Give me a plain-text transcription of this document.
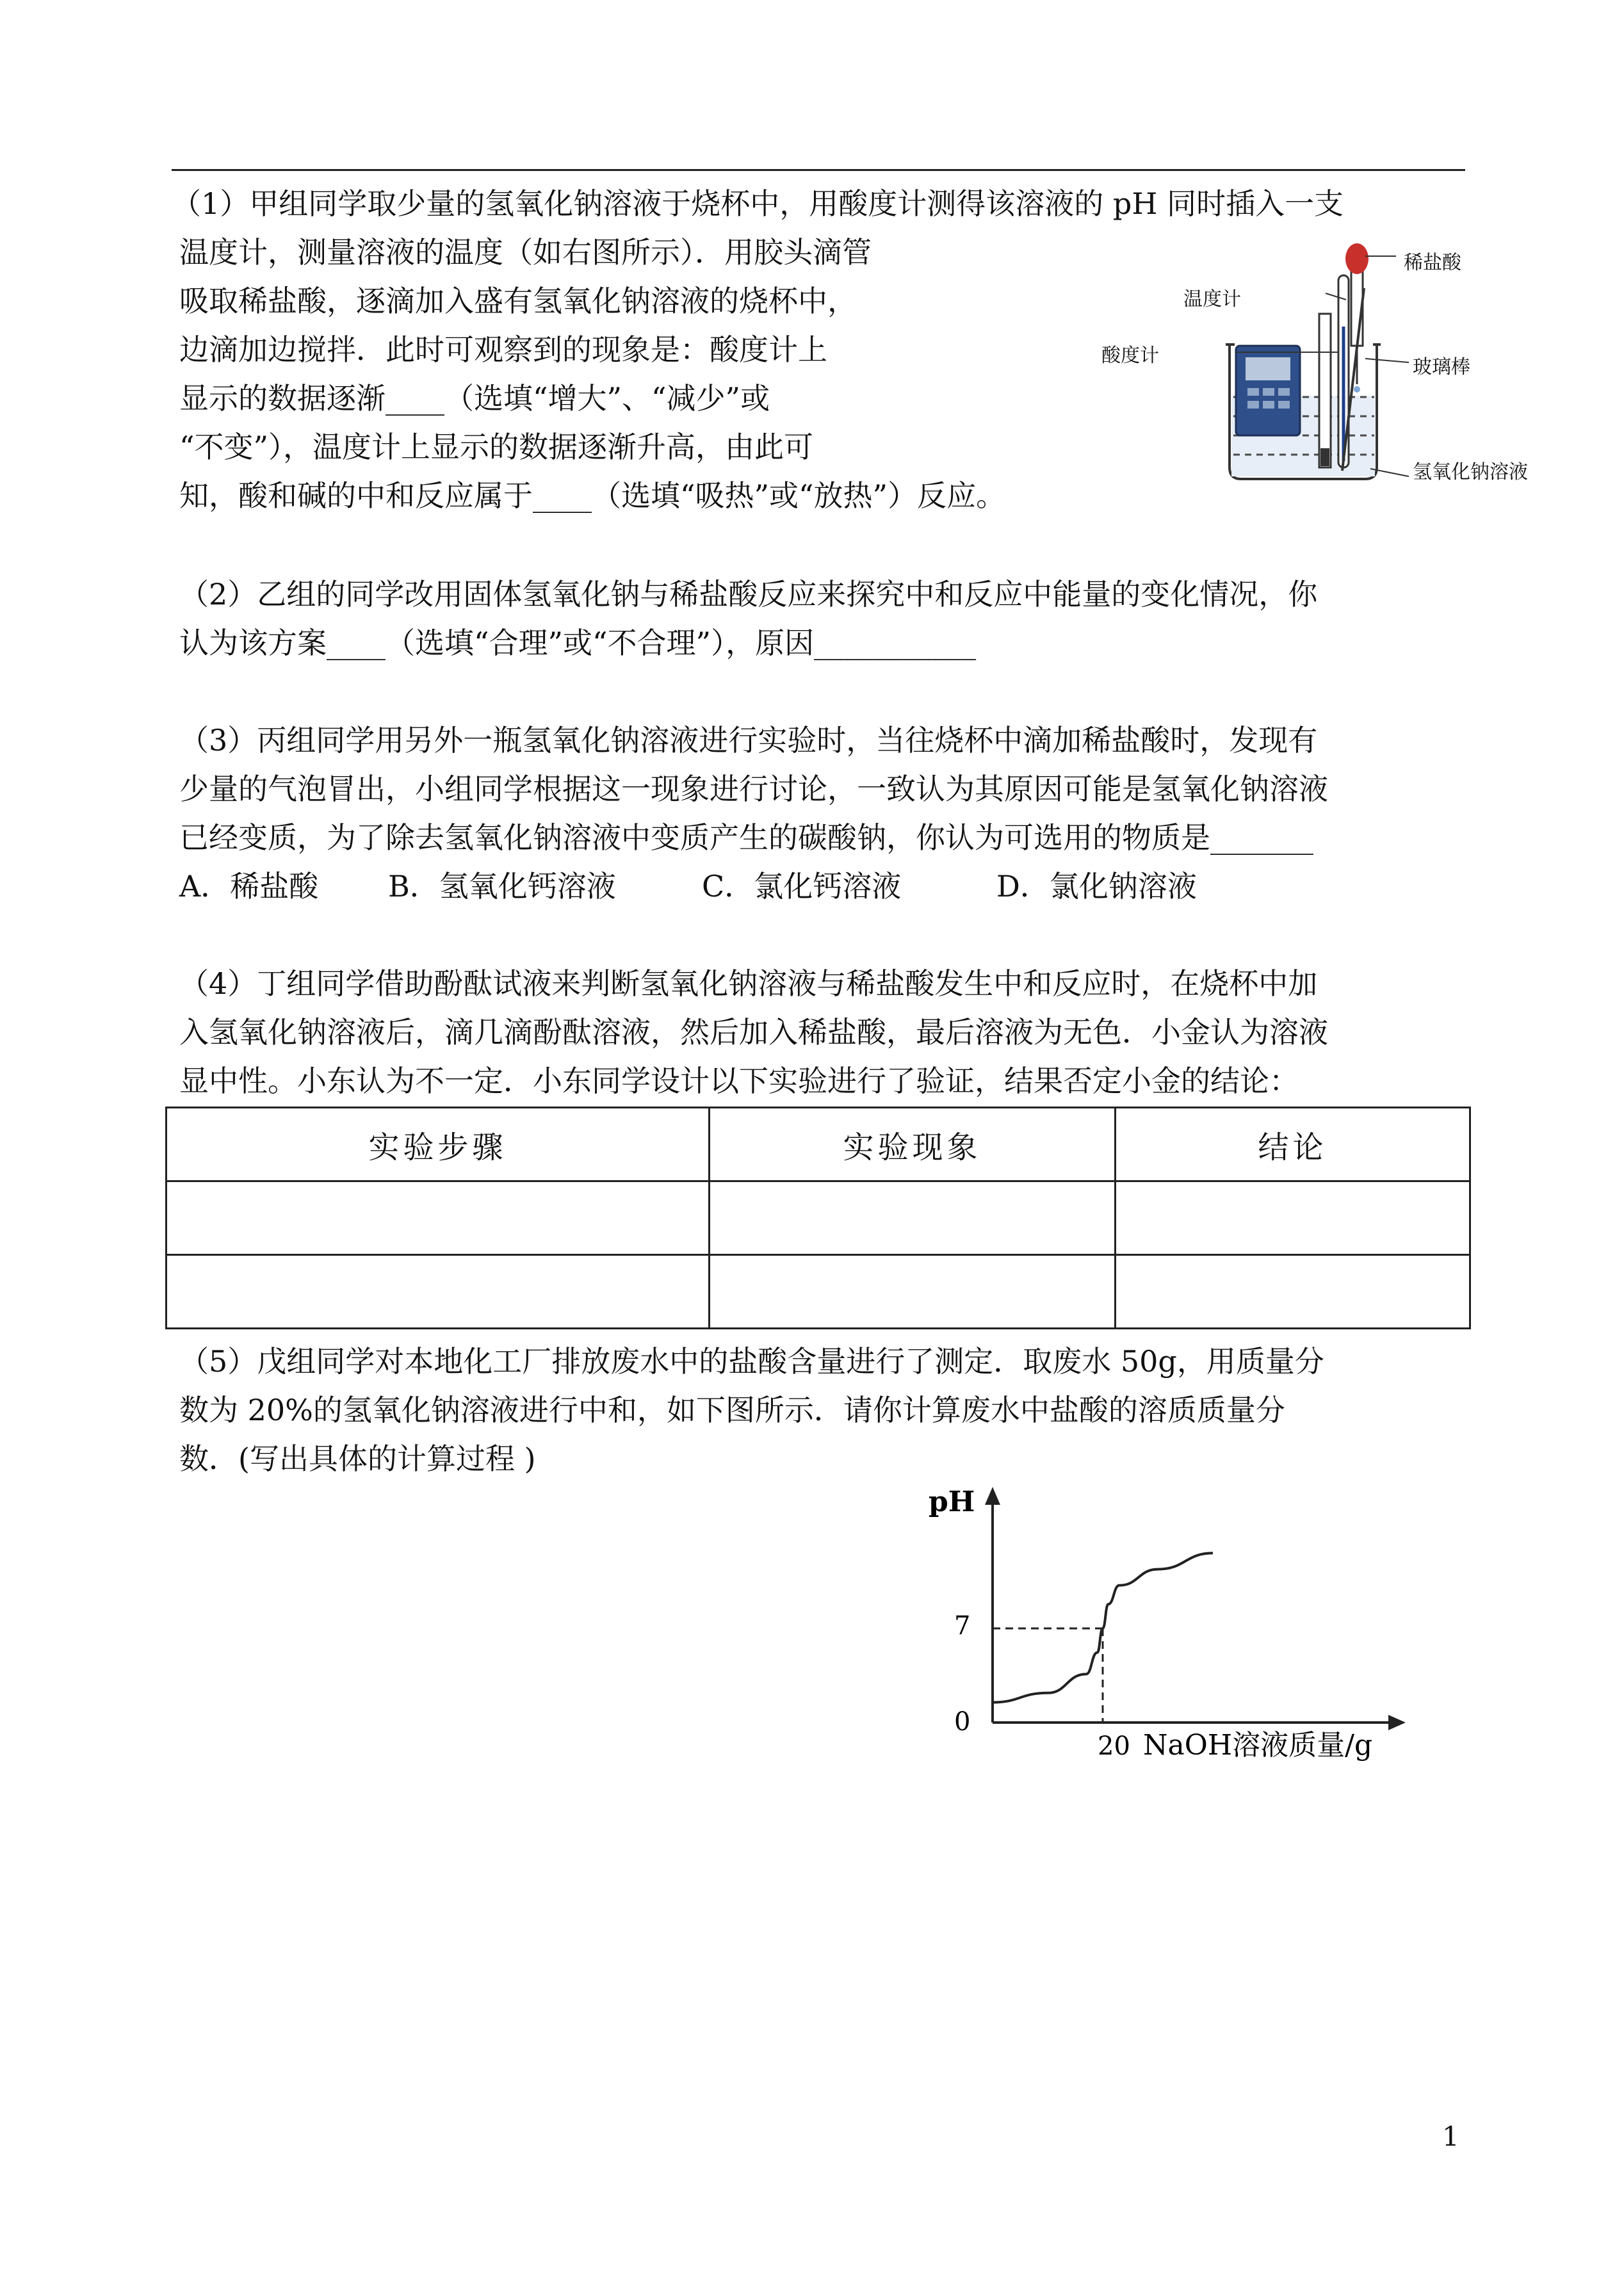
（1）甲组同学取少量的氢氧化钠溶液于烧杯中，用酸度计测得该溶液的 pH 同时插入一支
温度计，测量溶液的温度（如右图所示）．用胶头滴管
吸取稀盐酸，逐滴加入盛有氢氧化钠溶液的烧杯中，
边滴加边搅拌．此时可观察到的现象是：酸度计上
显示的数据逐渐____（选填“增大”、“减少”或
“不变”），温度计上显示的数据逐渐升高，由此可
知，酸和碱的中和反应属于____（选填“吸热”或“放热”）反应。
稀盐酸
温度计
酸度计
玻璃棒
氢氧化钠溶液
（2）乙组的同学改用固体氢氧化钠与稀盐酸反应来探究中和反应中能量的变化情况，你
认为该方案____（选填“合理”或“不合理”），原因___________
（3）丙组同学用另外一瓶氢氧化钠溶液进行实验时，当往烧杯中滴加稀盐酸时，发现有
少量的气泡冒出，小组同学根据这一现象进行讨论，一致认为其原因可能是氢氧化钠溶液
已经变质，为了除去氢氧化钠溶液中变质产生的碳酸钠，你认为可选用的物质是_______
A．稀盐酸 B．氢氧化钙溶液	C．氯化钙溶液	D．氯化钠溶液
（4）丁组同学借助酚酞试液来判断氢氧化钠溶液与稀盐酸发生中和反应时，在烧杯中加
入氢氧化钠溶液后，滴几滴酚酞溶液，然后加入稀盐酸，最后溶液为无色．小金认为溶液
显中性。小东认为不一定．小东同学设计以下实验进行了验证，结果否定小金的结论：
实验步骤	实验现象	结论

（5）戊组同学对本地化工厂排放废水中的盐酸含量进行了测定．取废水 50g，用质量分
数为 20%的氢氧化钠溶液进行中和，如下图所示．请你计算废水中盐酸的溶质质量分
数．(写出具体的计算过程 )
pH
NaOH溶液质量/g
7
0
20
1
